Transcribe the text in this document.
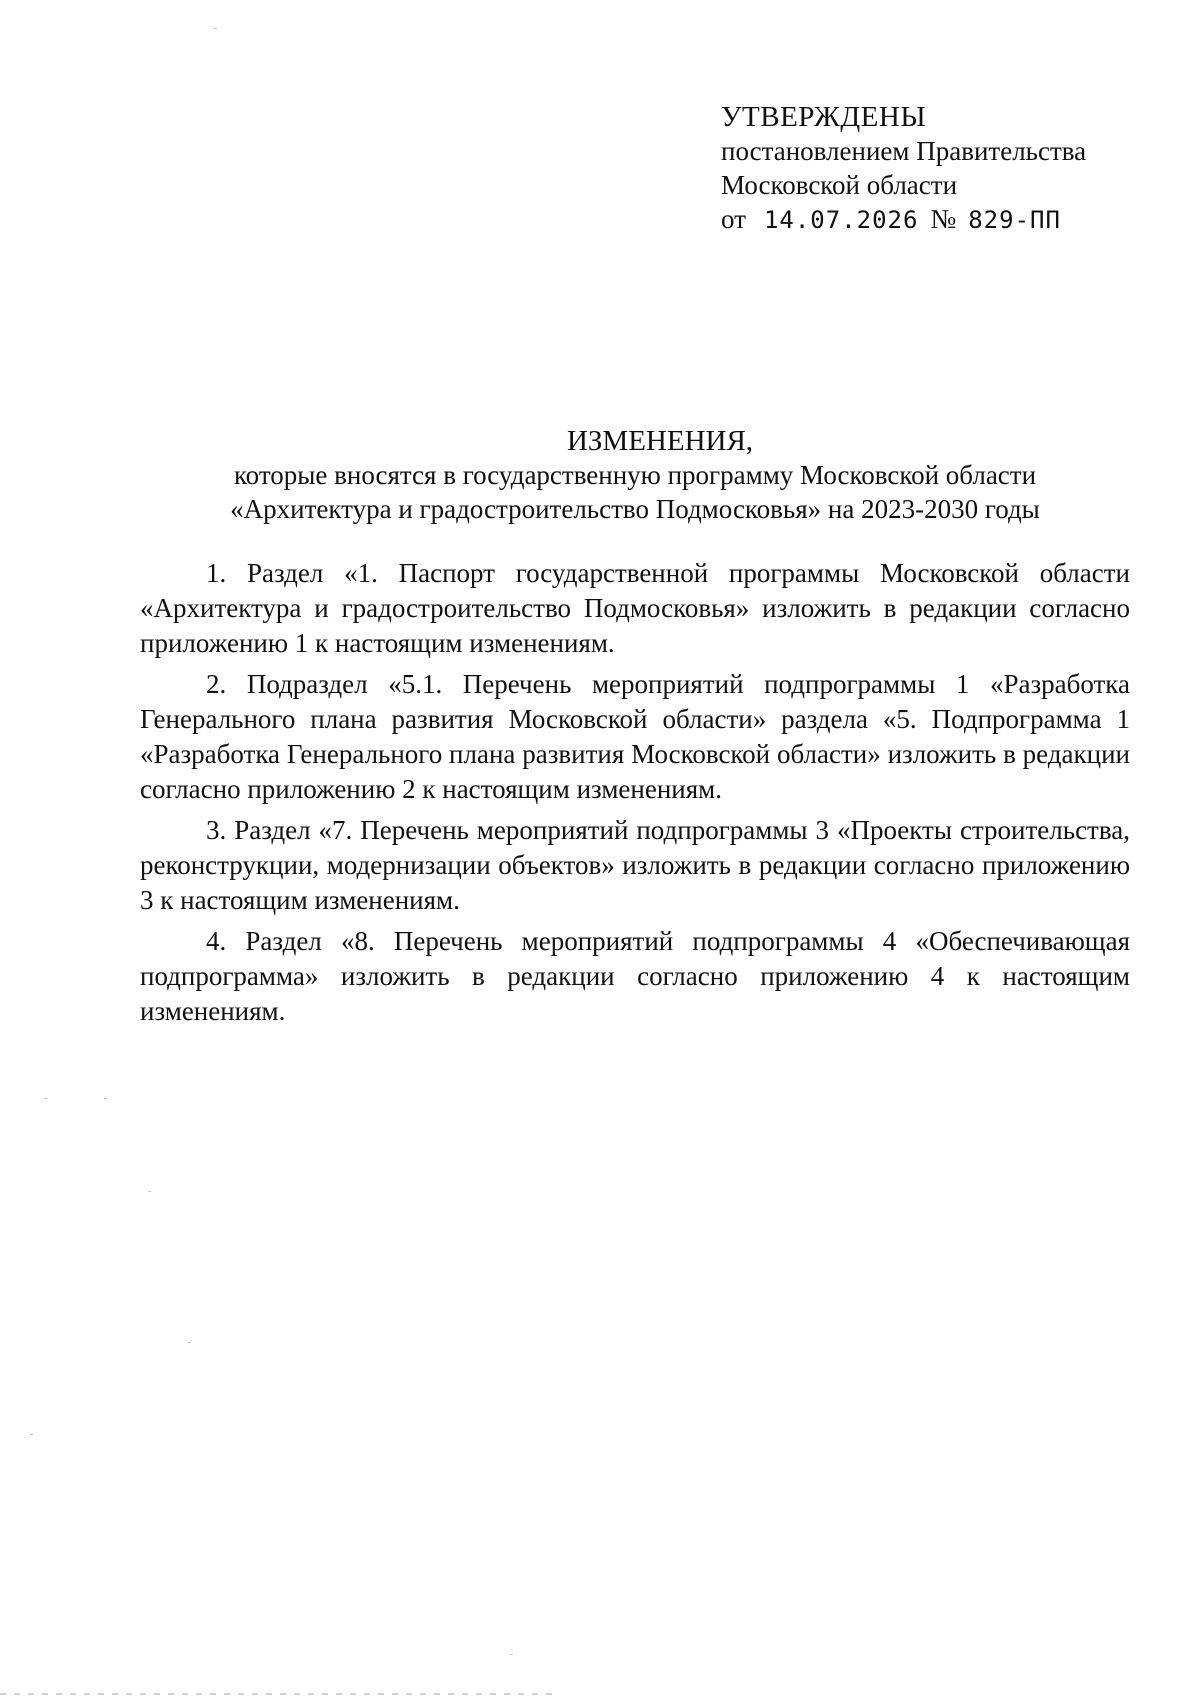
УТВЕРЖДЕНЫ
постановлением Правительства
Московской области
от 14.07.2026 № 829-ПП
ИЗМЕНЕНИЯ,
которые вносятся в государственную программу Московской области
«Архитектура и градостроительство Подмосковья» на 2023-2030 годы

1. Раздел «1. Паспорт государственной программы Московской области «Архитектура и градостроительство Подмосковья» изложить в редакции согласно приложению 1 к настоящим изменениям.

2. Подраздел «5.1. Перечень мероприятий подпрограммы 1 «Разработка Генерального плана развития Московской области» раздела «5. Подпрограмма 1 «Разработка Генерального плана развития Московской области» изложить в редакции согласно приложению 2 к настоящим изменениям.

3. Раздел «7. Перечень мероприятий подпрограммы 3 «Проекты строительства, реконструкции, модернизации объектов» изложить в редакции согласно приложению 3 к настоящим изменениям.

4. Раздел «8. Перечень мероприятий подпрограммы 4 «Обеспечивающая подпрограмма» изложить в редакции согласно приложению 4 к настоящим изменениям.
